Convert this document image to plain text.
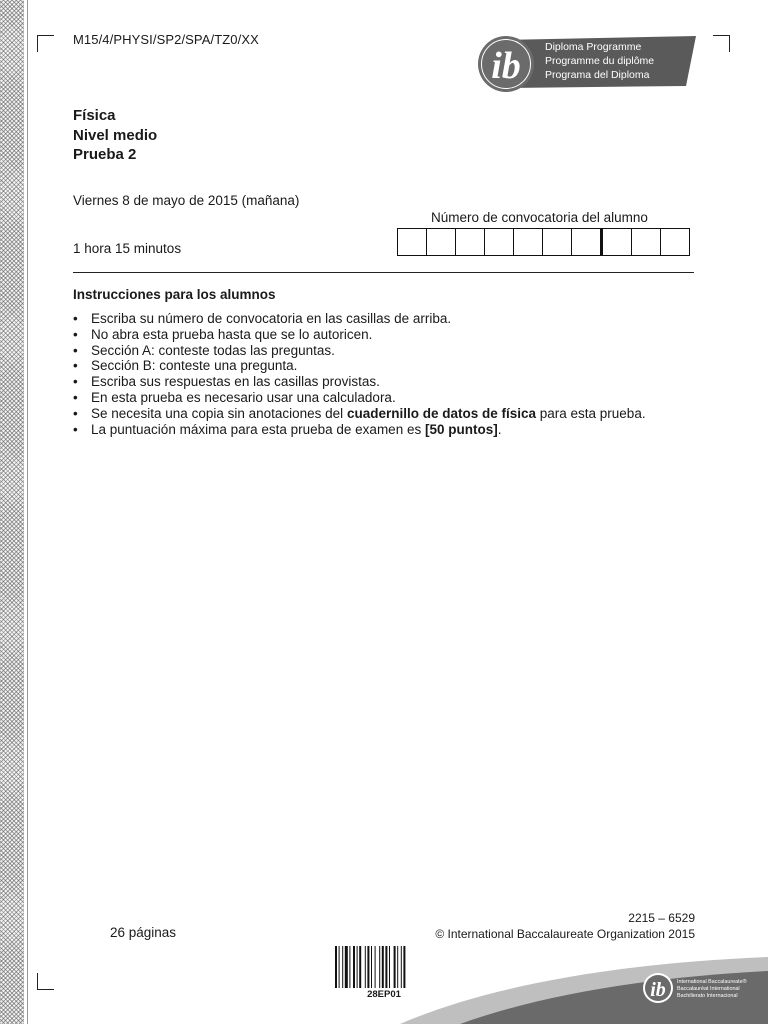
M15/4/PHYSI/SP2/SPA/TZ0/XX
ib Diploma Programme
Programme du diplôme
Programa del Diploma
Física
Nivel medio
Prueba 2
Viernes 8 de mayo de 2015 (mañana)
1 hora 15 minutos
Número de convocatoria del alumno
Instrucciones para los alumnos
• Escriba su número de convocatoria en las casillas de arriba.
• No abra esta prueba hasta que se lo autoricen.
• Sección A: conteste todas las preguntas.
• Sección B: conteste una pregunta.
• Escriba sus respuestas en las casillas provistas.
• En esta prueba es necesario usar una calculadora.
• Se necesita una copia sin anotaciones del cuadernillo de datos de física para esta prueba.
• La puntuación máxima para esta prueba de examen es [50 puntos].
26 páginas
2215 – 6529
© International Baccalaureate Organization 2015
28EP01	ib International Baccalaureate®
Baccalauréat International
Bachillerato Internacional
